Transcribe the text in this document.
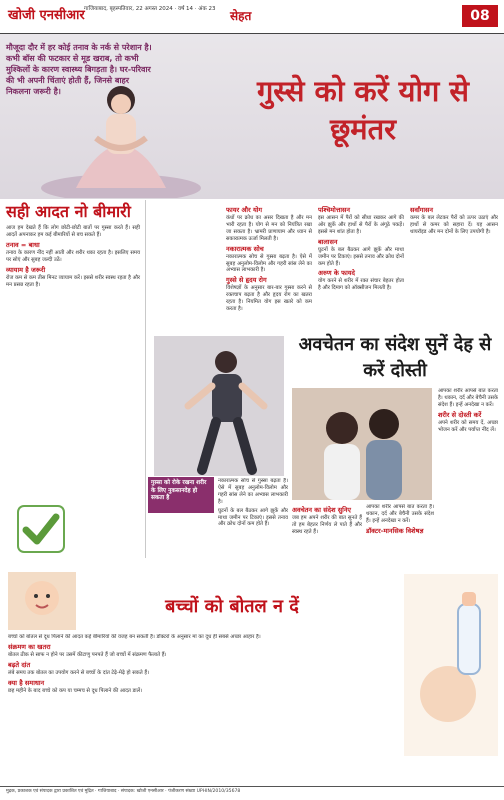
खोजी एनसीआर गाजियाबाद, बृहस्पतिवार, 22 अगस्त 2024 · वर्ष 14 · अंक 23	सेहत	08
मौजूदा दौर में हर कोई तनाव के नर्क से परेशान है। कभी बॉस की फटकार से मूड खराब, तो कभी मुश्किलों के कारण स्वास्थ्य बिगड़ता है। घर-परिवार की भी अपनी चिंताएं होती हैं, जिनसे बाहर निकलना जरूरी है।	गुस्से को करें योग से छूमंतर
फायर और योग

कंधों पर क्रोध का असर दिखता है और मन भारी रहता है। योग से मन को नियंत्रित रखा जा सकता है। भ्रामरी प्राणायाम और ध्यान से सकारात्मक ऊर्जा मिलती है।

नकारात्मक सोच

नकारात्मक सोच से गुस्सा बढ़ता है। ऐसे में सुबह अनुलोम-विलोम और गहरी सांस लेने का अभ्यास लाभकारी है।

गुस्से से हृदय रोग

विशेषज्ञों के अनुसार बार-बार गुस्सा करने से रक्तचाप बढ़ता है और हृदय रोग का खतरा रहता है। नियमित योग इस खतरे को कम करता है।

पश्चिमोत्तासन

इस आसन में पैरों को सीधा रखकर आगे की ओर झुकें और हाथों से पैरों के अंगूठे पकड़ें। इससे मन शांत होता है।

बालासन

घुटनों के बल बैठकर आगे झुकें और माथा जमीन पर टिकाएं। इससे तनाव और क्रोध दोनों कम होते हैं।

अरुण के फायदे

योग करने से शरीर में रक्त संचार बेहतर होता है और दिमाग को ऑक्सीजन मिलती है।

सर्वांगासन

कमर के बल लेटकर पैरों को ऊपर उठाएं और हाथों से कमर को सहारा दें। यह आसन थायरॉइड और मन दोनों के लिए उपयोगी है।

सही आदत नो बीमारी

आज हम देखते हैं कि लोग छोटी-छोटी बातों पर गुस्सा करते हैं। सही आदतें अपनाकर हम कई बीमारियों से बच सकते हैं।

तनाव = बाधा

तनाव के कारण नींद नहीं आती और शरीर थका रहता है। इसलिए समय पर सोएं और सुबह जल्दी उठें।

व्यायाम है जरूरी

रोज कम से कम तीस मिनट व्यायाम करें। इससे शरीर स्वस्थ रहता है और मन प्रसन्न रहता है।

गुस्सा को रोके रखना शरीर के लिए नुकसानदेह हो सकता है

नकारात्मक सोच से गुस्सा बढ़ता है। ऐसे में सुबह अनुलोम-विलोम और गहरी सांस लेने का अभ्यास लाभकारी है।

घुटनों के बल बैठकर आगे झुकें और माथा जमीन पर टिकाएं। इससे तनाव और क्रोध दोनों कम होते हैं।

अवचेतन का संदेश सुनें देह से करें दोस्ती

आपका शरीर आपसे बात करता है। थकान, दर्द और बेचैनी उसके संदेश हैं। इन्हें अनदेखा न करें।

शरीर से दोस्ती करें

अपने शरीर को समय दें, अच्छा भोजन करें और पर्याप्त नींद लें।

अवचेतन का संदेश सुनिए

जब हम अपने शरीर की बात सुनते हैं तो हम बेहतर निर्णय ले पाते हैं और स्वस्थ रहते हैं।

आपका शरीर आपसे बात करता है। थकान, दर्द और बेचैनी उसके संदेश हैं। इन्हें अनदेखा न करें।

डॉक्टर-मानसिक विशेषज्ञ
बच्चों को बोतल न दें

बच्चों को बोतल से दूध पिलाने की आदत कई बीमारियों की वजह बन सकती है। डॉक्टरों के अनुसार मां का दूध ही सबसे अच्छा आहार है।

संक्रमण का खतरा

बोतल ठीक से साफ न होने पर उसमें कीटाणु पनपते हैं जो बच्चों में संक्रमण फैलाते हैं।

बढ़ते दांत

लंबे समय तक बोतल का उपयोग करने से बच्चों के दांत टेढ़े-मेढ़े हो सकते हैं।

क्या है समाधान

छह महीने के बाद बच्चे को कप या चम्मच से दूध पिलाने की आदत डालें।

मुद्रक, प्रकाशक एवं संपादक द्वारा प्रकाशित एवं मुद्रित · गाजियाबाद · संपादक: खोजी एनसीआर · पंजीकरण संख्या UPHIN/2010/35678
